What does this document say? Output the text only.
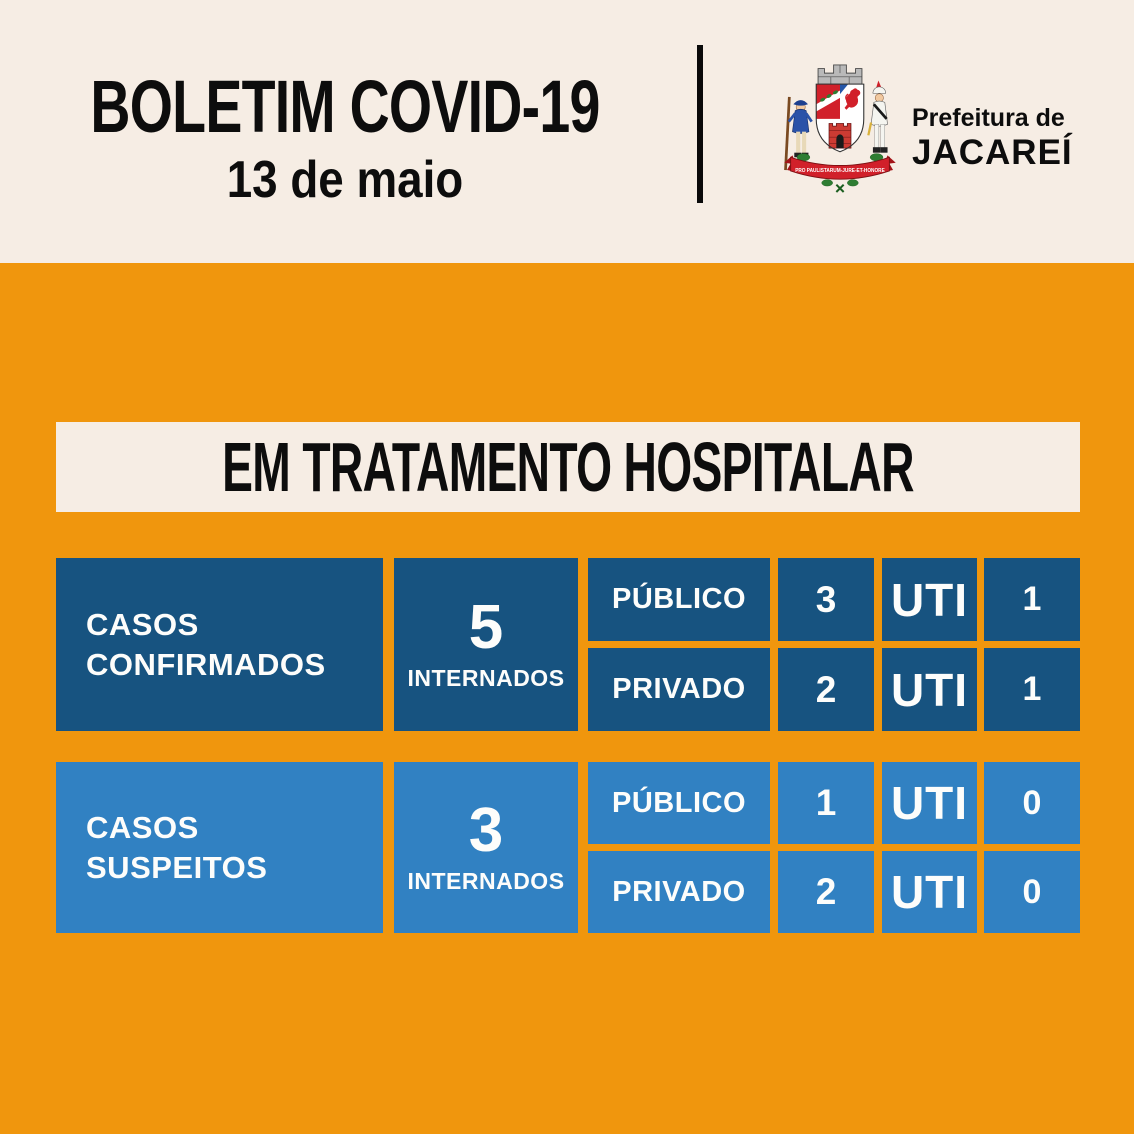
BOLETIM COVID-19
13 de maio	PRO PAULISTARUM-JURE-ET-HONORE
Prefeitura de
JACAREÍ
EM TRATAMENTO HOSPITALAR
CASOS
CONFIRMADOS
5
INTERNADOS
PÚBLICO	3	UTI	1
PRIVADO	2	UTI	1
CASOS
SUSPEITOS
3
INTERNADOS
PÚBLICO	1	UTI	0
PRIVADO	2	UTI	0
